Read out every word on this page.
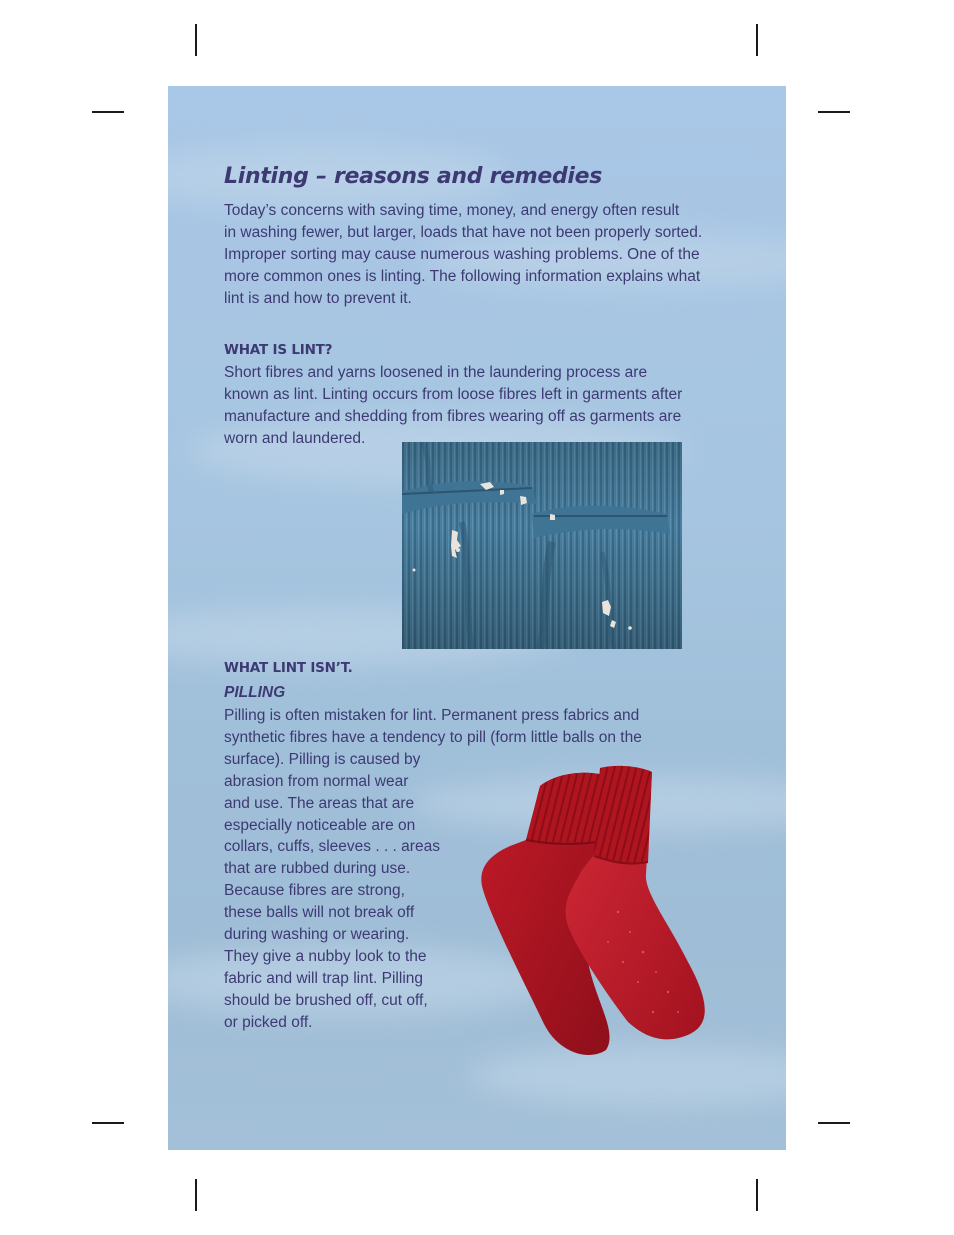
Linting – reasons and remedies
Today’s concerns with saving time, money, and energy often result
in washing fewer, but larger, loads that have not been properly sorted.
Improper sorting may cause numerous washing problems. One of the
more common ones is linting. The following information explains what
lint is and how to prevent it.
WHAT IS LINT?
Short fibres and yarns loosened in the laundering process are
known as lint. Linting occurs from loose fibres left in garments after
manufacture and shedding from fibres wearing off as garments are
worn and laundered.
WHAT LINT ISN’T.
PILLING
Pilling is often mistaken for lint. Permanent press fabrics and
synthetic fibres have a tendency to pill (form little balls on the
surface). Pilling is caused by
abrasion from normal wear
and use. The areas that are
especially noticeable are on
collars, cuffs, sleeves . . . areas
that are rubbed during use.
Because fibres are strong,
these balls will not break off
during washing or wearing.
They give a nubby look to the
fabric and will trap lint. Pilling
should be brushed off, cut off,
or picked off.
